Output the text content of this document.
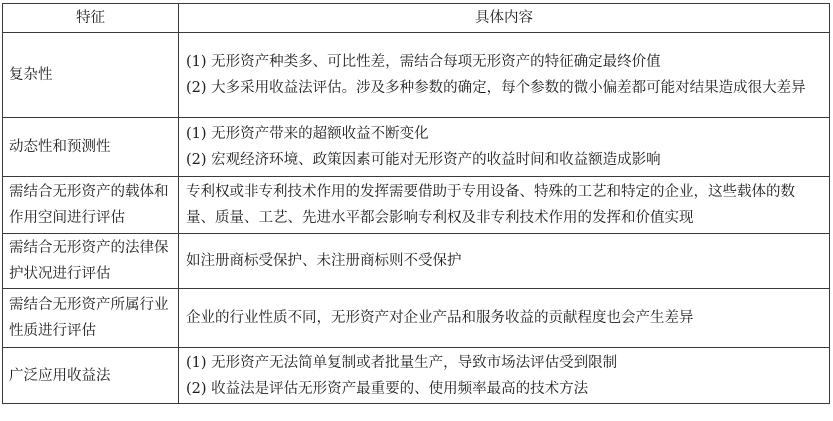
特征	具体内容
复杂性	(1) 无形资产种类多、可比性差，需结合每项无形资产的特征确定最终价值
(2) 大多采用收益法评估。涉及多种参数的确定，每个参数的微小偏差都可能对结果造成很大差异

动态性和预测性	(1) 无形资产带来的超额收益不断变化
(2) 宏观经济环境、政策因素可能对无形资产的收益时间和收益额造成影响

需结合无形资产的载体和作用空间进行评估	专利权或非专利技术作用的发挥需要借助于专用设备、特殊的工艺和特定的企业，这些载体的数量、质量、工艺、先进水平都会影响专利权及非专利技术作用的发挥和价值实现

需结合无形资产的法律保护状况进行评估	如注册商标受保护、未注册商标则不受保护

需结合无形资产所属行业性质进行评估	企业的行业性质不同，无形资产对企业产品和服务收益的贡献程度也会产生差异

广泛应用收益法	(1) 无形资产无法简单复制或者批量生产，导致市场法评估受到限制
(2) 收益法是评估无形资产最重要的、使用频率最高的技术方法
